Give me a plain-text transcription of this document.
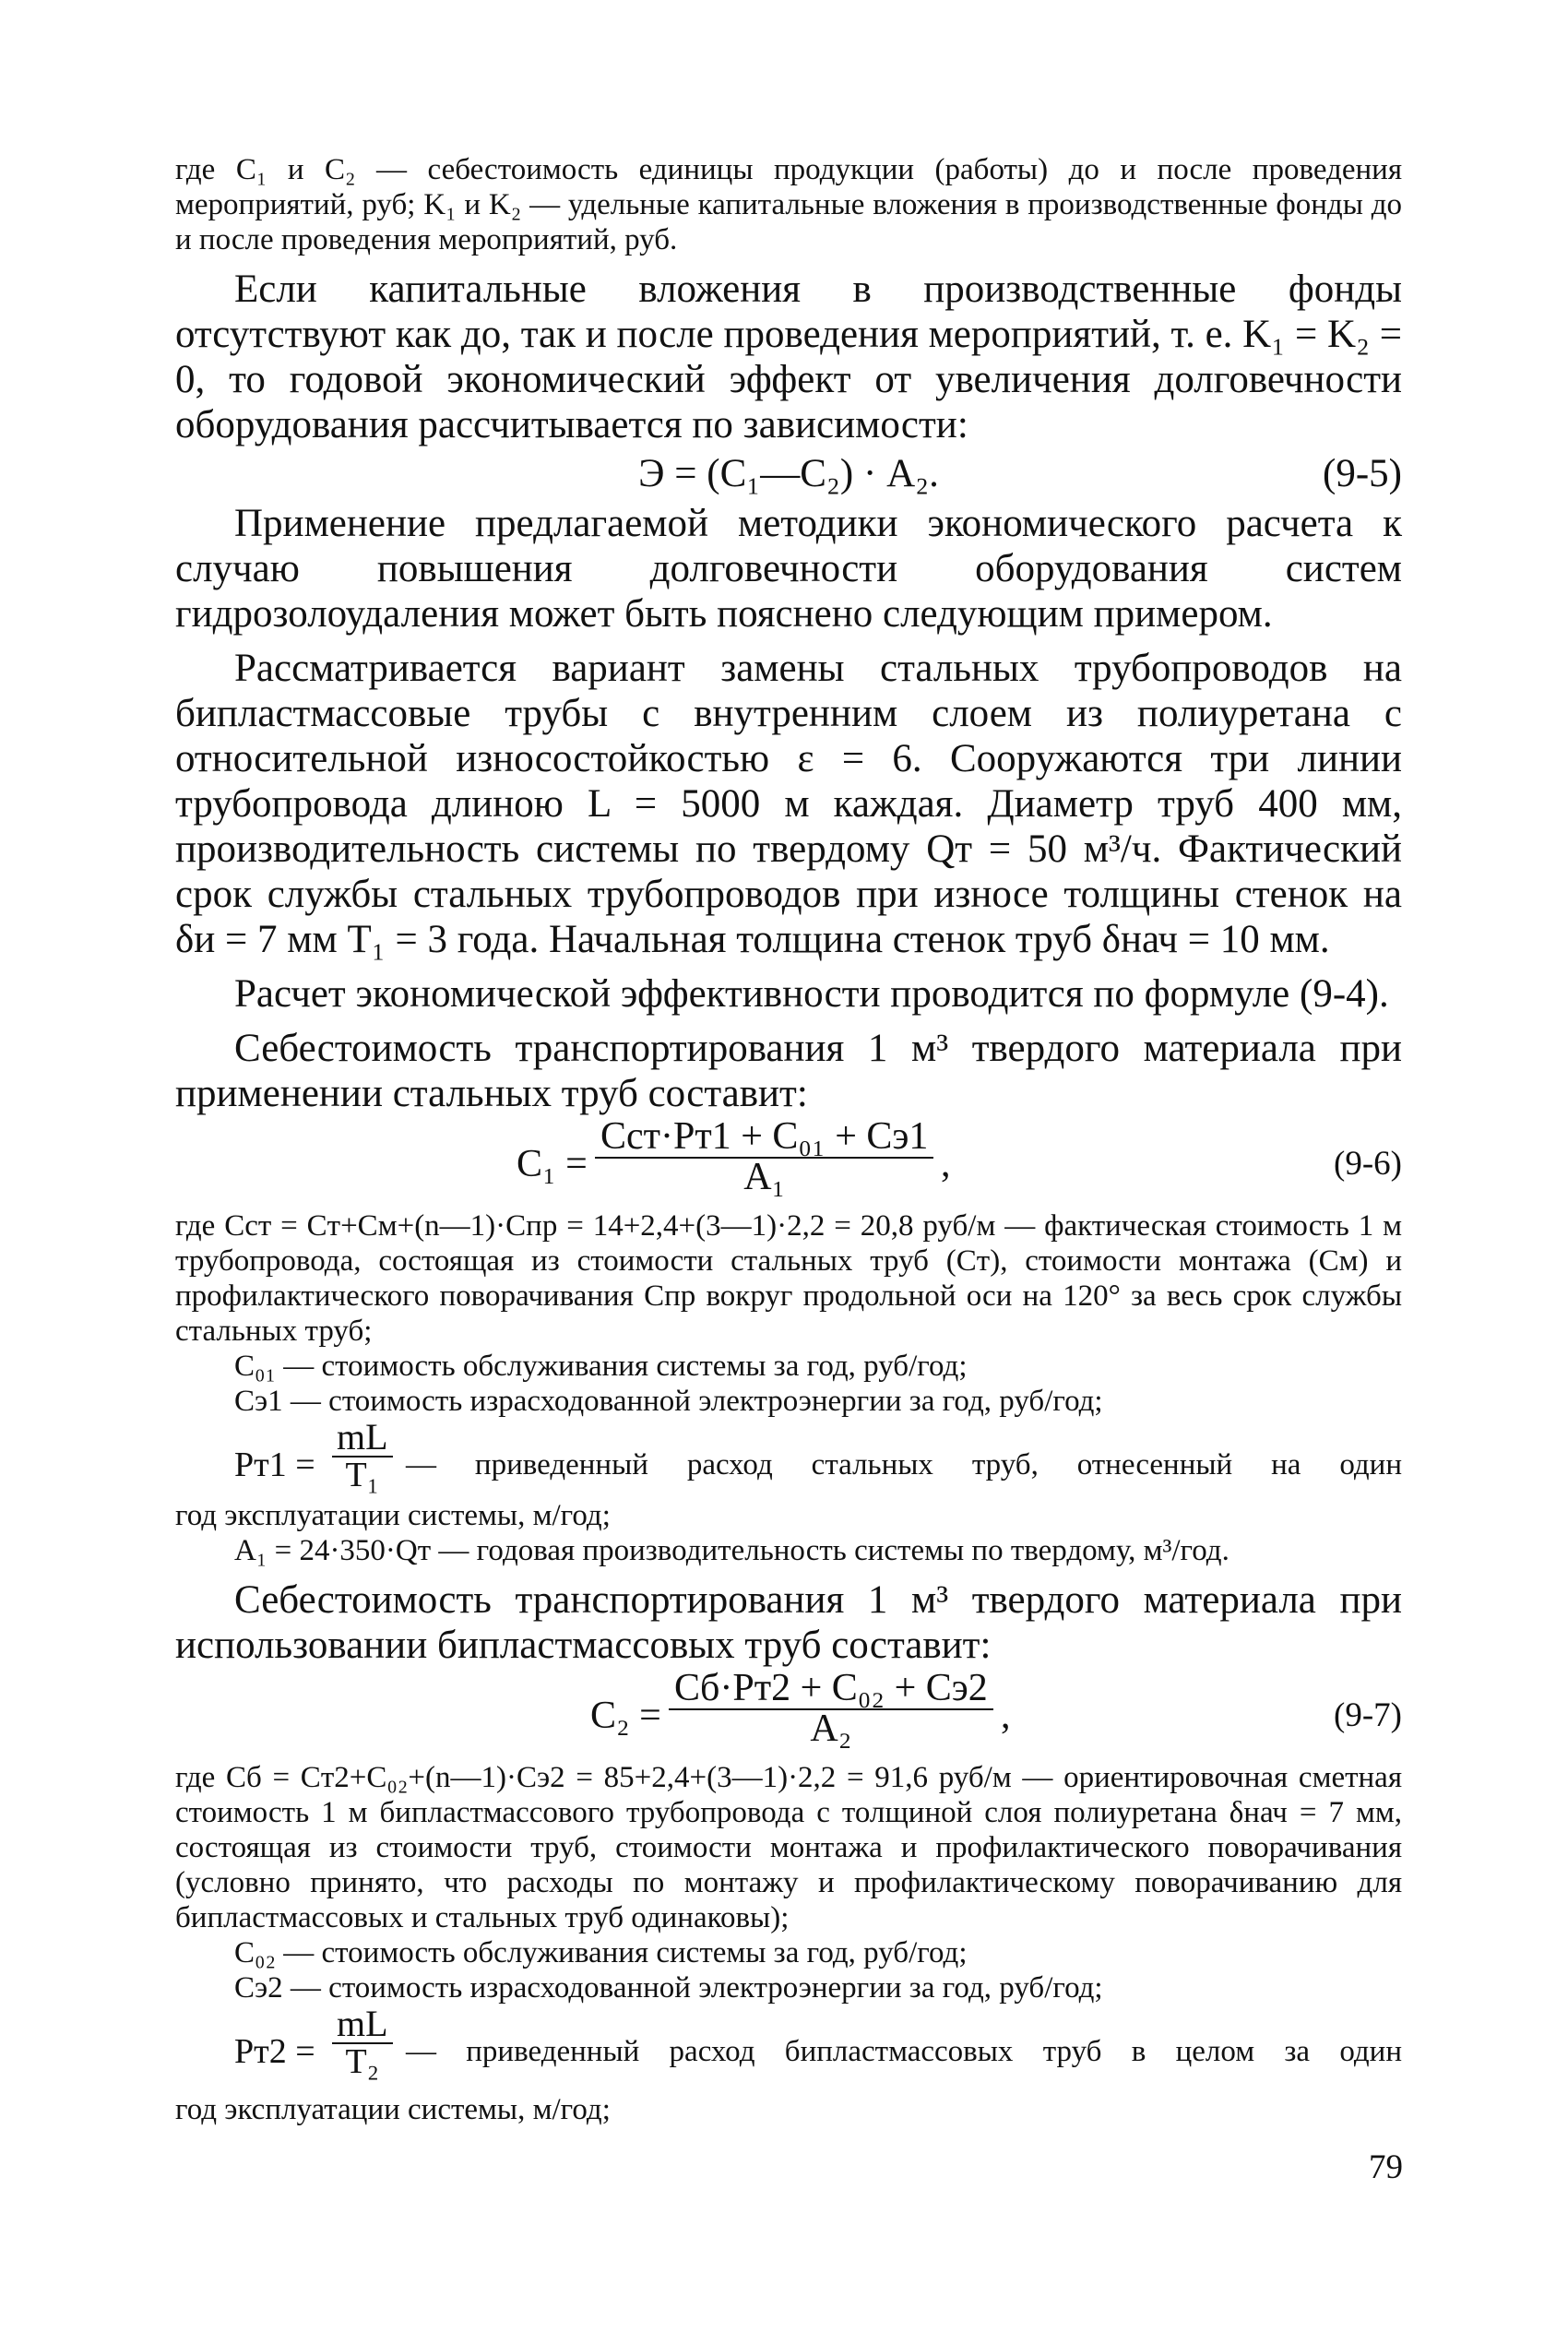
где C₁ и C₂ — себестоимость единицы продукции (работы) до и после проведения мероприятий, руб; K₁ и K₂ — удельные капитальные вложения в производственные фонды до и после проведения мероприятий, руб.
Если капитальные вложения в производственные фонды отсутствуют как до, так и после проведения мероприятий, т. е. K₁ = K₂ = 0, то годовой экономический эффект от увеличения долговечности оборудования рассчитывается по зависимости:
Э = (C₁—C₂) · A₂.	(9-5)
Применение предлагаемой методики экономического расчета к случаю повышения долговечности оборудования систем гидрозолоудаления может быть пояснено следующим примером.
Рассматривается вариант замены стальных трубопроводов на бипластмассовые трубы с внутренним слоем из полиуретана с относительной износостойкостью ε = 6. Сооружаются три линии трубопровода длиною L = 5000 м каждая. Диаметр труб 400 мм, производительность системы по твердому Qт = 50 м³/ч. Фактический срок службы стальных трубопроводов при износе толщины стенок на δи = 7 мм T₁ = 3 года. Начальная толщина стенок труб δнач = 10 мм.
Расчет экономической эффективности проводится по формуле (9-4).
Себестоимость транспортирования 1 м³ твердого материала при применении стальных труб составит:
C₁ =
Cст·Pт1 + C₀₁ + Cэ1
A₁	,	(9-6)
где Cст = Cт+Cм+(n—1)·Cпр = 14+2,4+(3—1)·2,2 = 20,8 руб/м — фактическая стоимость 1 м трубопровода, состоящая из стоимости стальных труб (Cт), стоимости монтажа (Cм) и профилактического поворачивания Cпр вокруг продольной оси на 120° за весь срок службы стальных труб;
C₀₁ — стоимость обслуживания системы за год, руб/год;
Cэ1 — стоимость израсходованной электроэнергии за год, руб/год;
$Pт1 = \frac{mL}{\text{T₁}}$ — приведенный расход стальных труб, отнесенный на один
год эксплуатации системы, м/год;
A₁ = 24·350·Qт — годовая производительность системы по твердому, м³/год.
Себестоимость транспортирования 1 м³ твердого материала при использовании бипластмассовых труб составит:
C₂ =
Cб·Pт2 + C₀₂ + Cэ2
A₂	,	(9-7)
где Cб = Cт2+C₀₂+(n—1)·Cэ2 = 85+2,4+(3—1)·2,2 = 91,6 руб/м — ориентировочная сметная стоимость 1 м бипластмассового трубопровода с толщиной слоя полиуретана δнач = 7 мм, состоящая из стоимости труб, стоимости монтажа и профилактического поворачивания (условно принято, что расходы по монтажу и профилактическому поворачиванию для бипластмассовых и стальных труб одинаковы);
C₀₂ — стоимость обслуживания системы за год, руб/год;
Cэ2 — стоимость израсходованной электроэнергии за год, руб/год;
$Pт2 = \frac{mL}{\text{T₂}}$ — приведенный расход бипластмассовых труб в целом за один
год эксплуатации системы, м/год;
79
